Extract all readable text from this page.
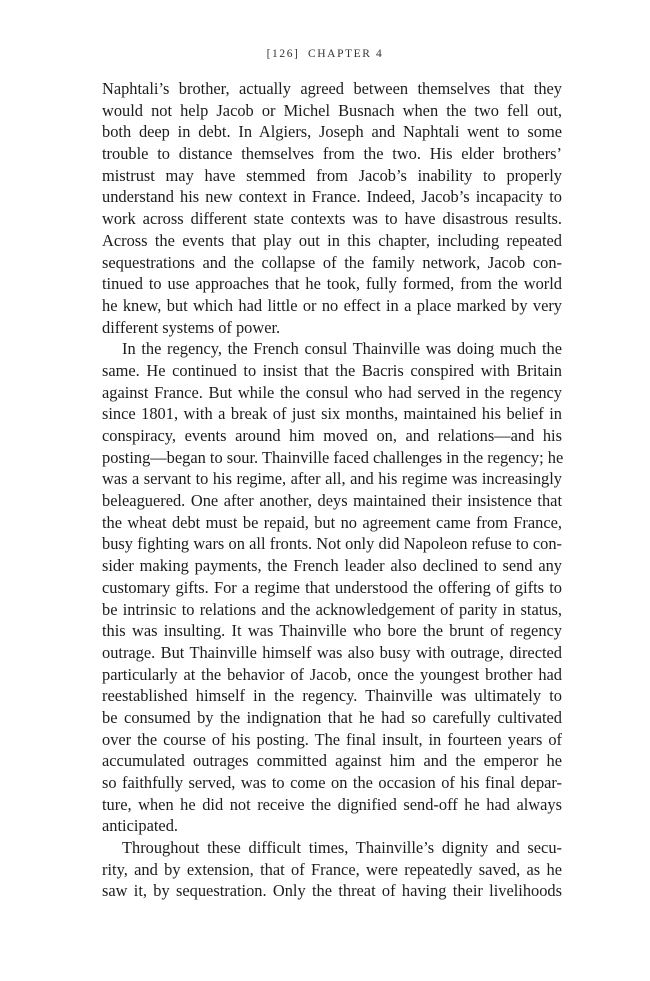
[126] CHAPTER 4
Naphtali’s brother, actually agreed between themselves that they
would not help Jacob or Michel Busnach when the two fell out,
both deep in debt. In Algiers, Joseph and Naphtali went to some
trouble to distance themselves from the two. His elder brothers’
mistrust may have stemmed from Jacob’s inability to properly
understand his new context in France. Indeed, Jacob’s incapacity to
work across different state contexts was to have disastrous results.
Across the events that play out in this chapter, including repeated
sequestrations and the collapse of the family network, Jacob con-
tinued to use approaches that he took, fully formed, from the world
he knew, but which had little or no effect in a place marked by very
different systems of power.
In the regency, the French consul Thainville was doing much the
same. He continued to insist that the Bacris conspired with Britain
against France. But while the consul who had served in the regency
since 1801, with a break of just six months, maintained his belief in
conspiracy, events around him moved on, and relations—and his
posting—began to sour. Thainville faced challenges in the regency; he
was a servant to his regime, after all, and his regime was increasingly
beleaguered. One after another, deys maintained their insistence that
the wheat debt must be repaid, but no agreement came from France,
busy fighting wars on all fronts. Not only did Napoleon refuse to con-
sider making payments, the French leader also declined to send any
customary gifts. For a regime that understood the offering of gifts to
be intrinsic to relations and the acknowledgement of parity in status,
this was insulting. It was Thainville who bore the brunt of regency
outrage. But Thainville himself was also busy with outrage, directed
particularly at the behavior of Jacob, once the youngest brother had
reestablished himself in the regency. Thainville was ultimately to
be consumed by the indignation that he had so carefully cultivated
over the course of his posting. The final insult, in fourteen years of
accumulated outrages committed against him and the emperor he
so faithfully served, was to come on the occasion of his final depar-
ture, when he did not receive the dignified send-off he had always
anticipated.
Throughout these difficult times, Thainville’s dignity and secu-
rity, and by extension, that of France, were repeatedly saved, as he
saw it, by sequestration. Only the threat of having their livelihoods
